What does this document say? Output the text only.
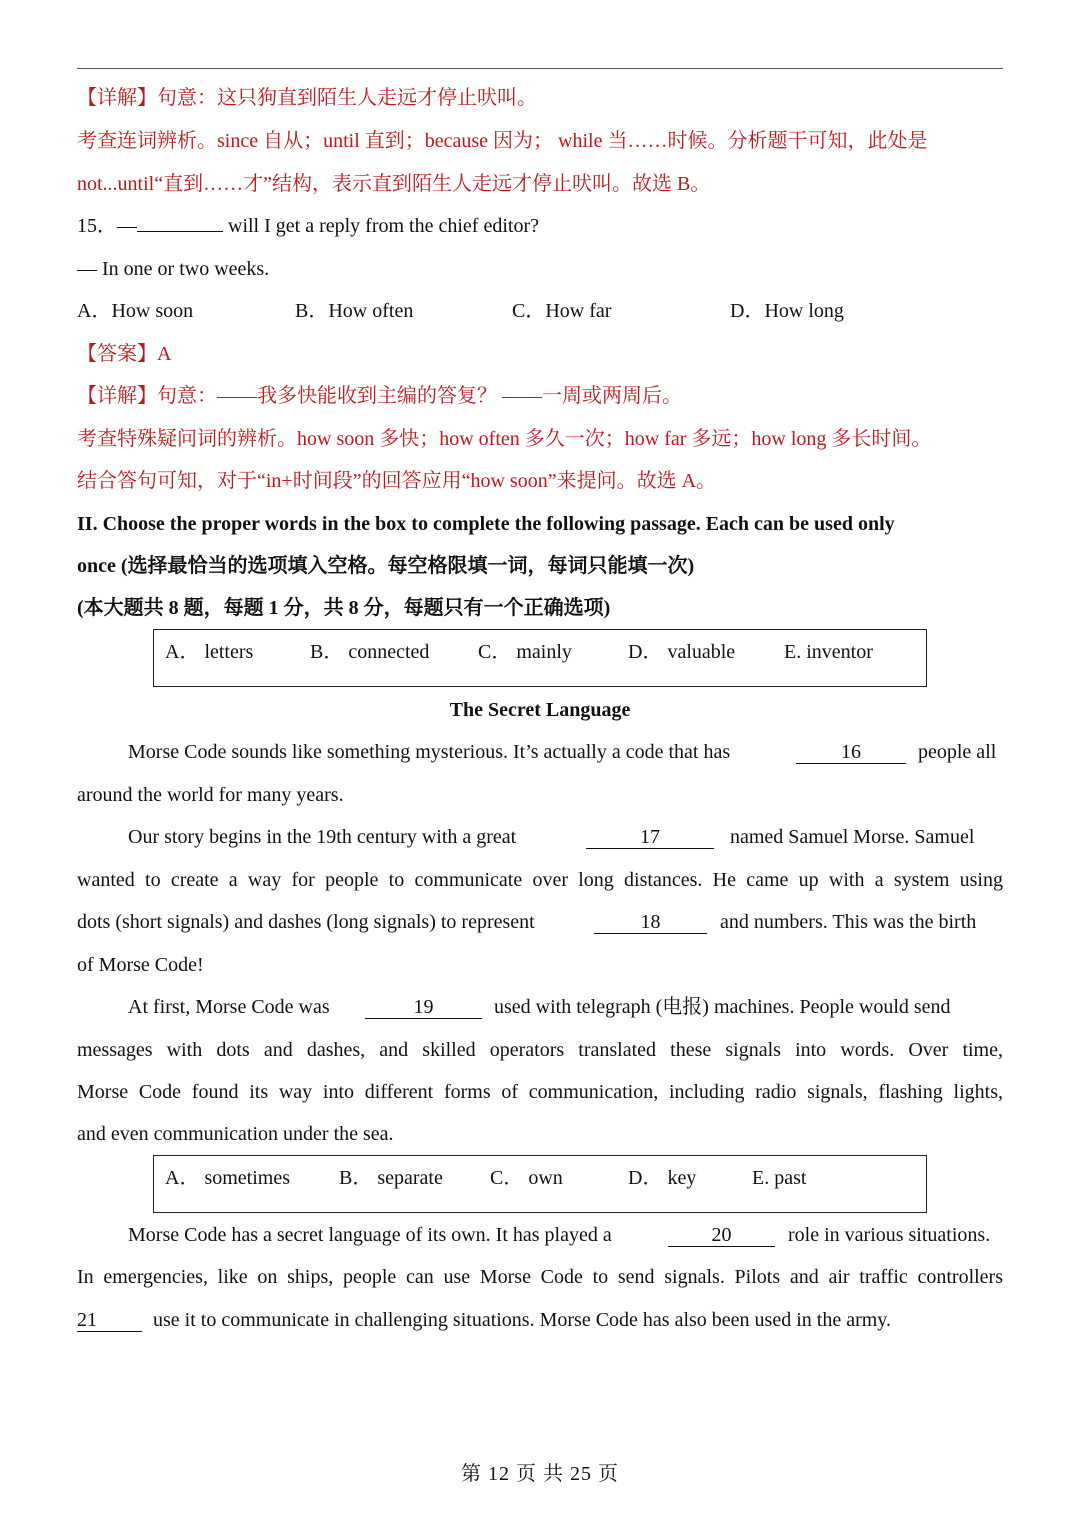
【详解】句意：这只狗直到陌生人走远才停止吠叫。
考查连词辨析。since 自从；until 直到；because 因为； while 当……时候。分析题干可知，此处是
not...until“直到……才”结构，表示直到陌生人走远才停止吠叫。故选 B。
15．—	will I get a reply from the chief editor?
— In one or two weeks.
A．How soon	B．How often	C．How far	D．How long
【答案】A
【详解】句意：——我多快能收到主编的答复？ ——一周或两周后。
考查特殊疑问词的辨析。how soon 多快；how often 多久一次；how far 多远；how long 多长时间。
结合答句可知，对于“in+时间段”的回答应用“how soon”来提问。故选 A。
II. Choose the proper words in the box to complete the following passage. Each can be used only
once (选择最恰当的选项填入空格。每空格限填一词，每词只能填一次)
(本大题共 8 题，每题 1 分，共 8 分，每题只有一个正确选项)
A． letters	B． connected C． mainly	D． valuable E. inventor
The Secret Language
Morse Code sounds like something mysterious. It’s actually a code that has	16	people all
around the world for many years.
Our story begins in the 19th century with a great	17	named Samuel Morse. Samuel
wanted to create a way for people to communicate over long distances. He came up with a system using
dots (short signals) and dashes (long signals) to represent	18	and numbers. This was the birth
of Morse Code!
At first, Morse Code was	19	used with telegraph (电报) machines. People would send
messages with dots and dashes, and skilled operators translated these signals into words. Over time,
Morse Code found its way into different forms of communication, including radio signals, flashing lights,
and even communication under the sea.
A． sometimes B． separate C． own	D． key	E. past
Morse Code has a secret language of its own. It has played a	20	role in various situations.
In emergencies, like on ships, people can use Morse Code to send signals. Pilots and air traffic controllers
21	use it to communicate in challenging situations. Morse Code has also been used in the army.
第 12 页 共 25 页
